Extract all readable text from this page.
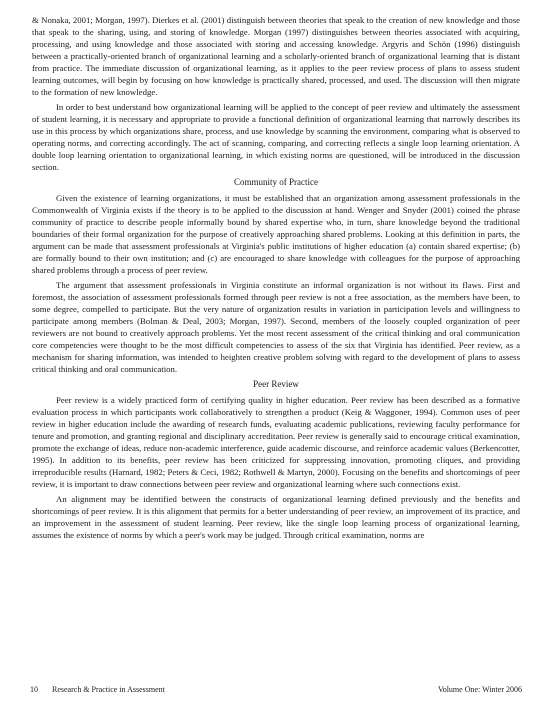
& Nonaka, 2001; Morgan, 1997). Dierkes et al. (2001) distinguish between theories that speak to the creation of new knowledge and those that speak to the sharing, using, and storing of knowledge. Morgan (1997) distinguishes between theories associated with acquiring, processing, and using knowledge and those associated with storing and accessing knowledge. Argyris and Schön (1996) distinguish between a practically-oriented branch of organizational learning and a scholarly-oriented branch of organizational learning that is distant from practice. The immediate discussion of organizational learning, as it applies to the peer review process of plans to assess student learning outcomes, will begin by focusing on how knowledge is practically shared, processed, and used. The discussion will then migrate to the formation of new knowledge.

In order to best understand how organizational learning will be applied to the concept of peer review and ultimately the assessment of student learning, it is necessary and appropriate to provide a functional definition of organizational learning that narrowly describes its use in this process by which organizations share, process, and use knowledge by scanning the environment, comparing what is observed to operating norms, and correcting accordingly. The act of scanning, comparing, and correcting reflects a single loop learning orientation. A double loop learning orientation to organizational learning, in which existing norms are questioned, will be introduced in the discussion section.

Community of Practice

Given the existence of learning organizations, it must be established that an organization among assessment professionals in the Commonwealth of Virginia exists if the theory is to be applied to the discussion at hand. Wenger and Snyder (2001) coined the phrase community of practice to describe people informally bound by shared expertise who, in turn, share knowledge beyond the traditional boundaries of their formal organization for the purpose of creatively approaching shared problems. Looking at this definition in parts, the argument can be made that assessment professionals at Virginia's public institutions of higher education (a) contain shared expertise; (b) are formally bound to their own institution; and (c) are encouraged to share knowledge with colleagues for the purpose of approaching shared problems through a process of peer review.

The argument that assessment professionals in Virginia constitute an informal organization is not without its flaws. First and foremost, the association of assessment professionals formed through peer review is not a free association, as the members have been, to some degree, compelled to participate. But the very nature of organization results in variation in participation levels and willingness to participate among members (Bolman & Deal, 2003; Morgan, 1997). Second, members of the loosely coupled organization of peer reviewers are not bound to creatively approach problems. Yet the most recent assessment of the critical thinking and oral communication core competencies were thought to be the most difficult competencies to assess of the six that Virginia has identified. Peer review, as a mechanism for sharing information, was intended to heighten creative problem solving with regard to the development of plans to assess critical thinking and oral communication.

Peer Review

Peer review is a widely practiced form of certifying quality in higher education. Peer review has been described as a formative evaluation process in which participants work collaboratively to strengthen a product (Keig & Waggoner, 1994). Common uses of peer review in higher education include the awarding of research funds, evaluating academic publications, reviewing faculty performance for tenure and promotion, and granting regional and disciplinary accreditation. Peer review is generally said to encourage critical examination, promote the exchange of ideas, reduce non-academic interference, guide academic discourse, and reinforce academic values (Berkencotter, 1995). In addition to its benefits, peer review has been criticized for suppressing innovation, promoting cliques, and providing irreproducible results (Harnard, 1982; Peters & Ceci, 1982; Rothwell & Martyn, 2000). Focusing on the benefits and shortcomings of peer review, it is important to draw connections between peer review and organizational learning where such connections exist.

An alignment may be identified between the constructs of organizational learning defined previously and the benefits and shortcomings of peer review. It is this alignment that permits for a better understanding of peer review, an improvement of its practice, and an improvement in the assessment of student learning. Peer review, like the single loop learning process of organizational learning, assumes the existence of norms by which a peer's work may be judged. Through critical examination, norms are

10 Research & Practice in Assessment	Volume One: Winter 2006
